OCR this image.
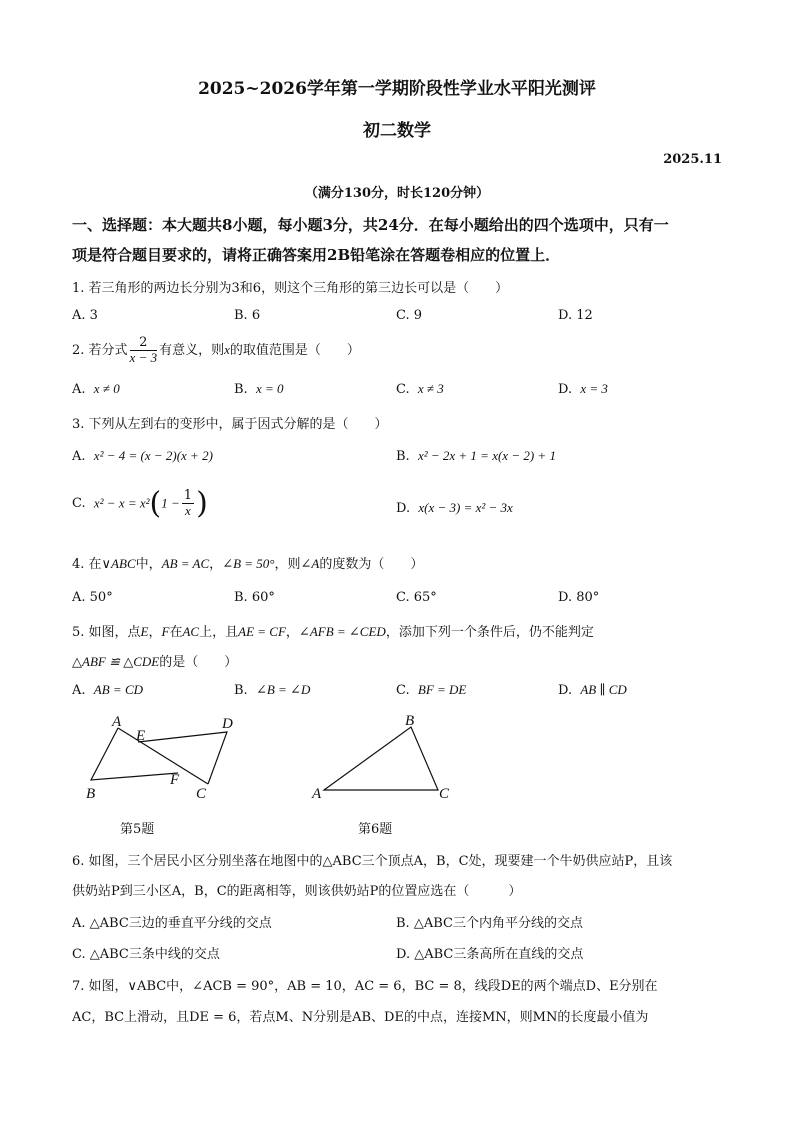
2025~2026学年第一学期阶段性学业水平阳光测评
初二数学
2025.11
（满分130分，时长120分钟）
一、选择题：本大题共8小题，每小题3分，共24分．在每小题给出的四个选项中，只有一
项是符合题目要求的，请将正确答案用2B铅笔涂在答题卷相应的位置上．
1. 若三角形的两边长分别为3和6，则这个三角形的第三边长可以是（　　）
A. 3	B. 6	C. 9	D. 12
2. 若分式 $\frac{2}{x - 3}$ 有意义，则x的取值范围是（　　）
A. x ≠ 0	B. x = 0	C. x ≠ 3	D. x = 3
3. 下列从左到右的变形中，属于因式分解的是（　　）
A. x² − 4 = (x − 2)(x + 2)	B. x² − 2x + 1 = x(x − 2) + 1
C. $x^2 - x = x^2(1 - \frac{1}{x}$ )	D. x(x − 3) = x² − 3x
4. 在∨ABC中，AB = AC，∠B = 50°，则∠A的度数为（　　）
A. 50°	B. 60°	C. 65°	D. 80°
5. 如图，点E，F在AC上，且AE = CF，∠AFB = ∠CED，添加下列一个条件后，仍不能判定
△ABF ≌ △CDE的是（　　）
A. AB = CD	B. ∠B = ∠D	C. BF = DE	D. AB ∥ CD
A
B	C
D
E
F
第5题
B
A	C
第6题
6. 如图，三个居民小区分别坐落在地图中的△ABC三个顶点A，B，C处，现要建一个牛奶供应站P，且该
供奶站P到三小区A，B，C的距离相等，则该供奶站P的位置应选在（　　　）
A. △ABC三边的垂直平分线的交点	B. △ABC三个内角平分线的交点
C. △ABC三条中线的交点	D. △ABC三条高所在直线的交点
7. 如图，∨ABC中，∠ACB = 90°，AB = 10，AC = 6，BC = 8，线段DE的两个端点D、E分别在
AC，BC上滑动，且DE = 6，若点M、N分别是AB、DE的中点，连接MN，则MN的长度最小值为
